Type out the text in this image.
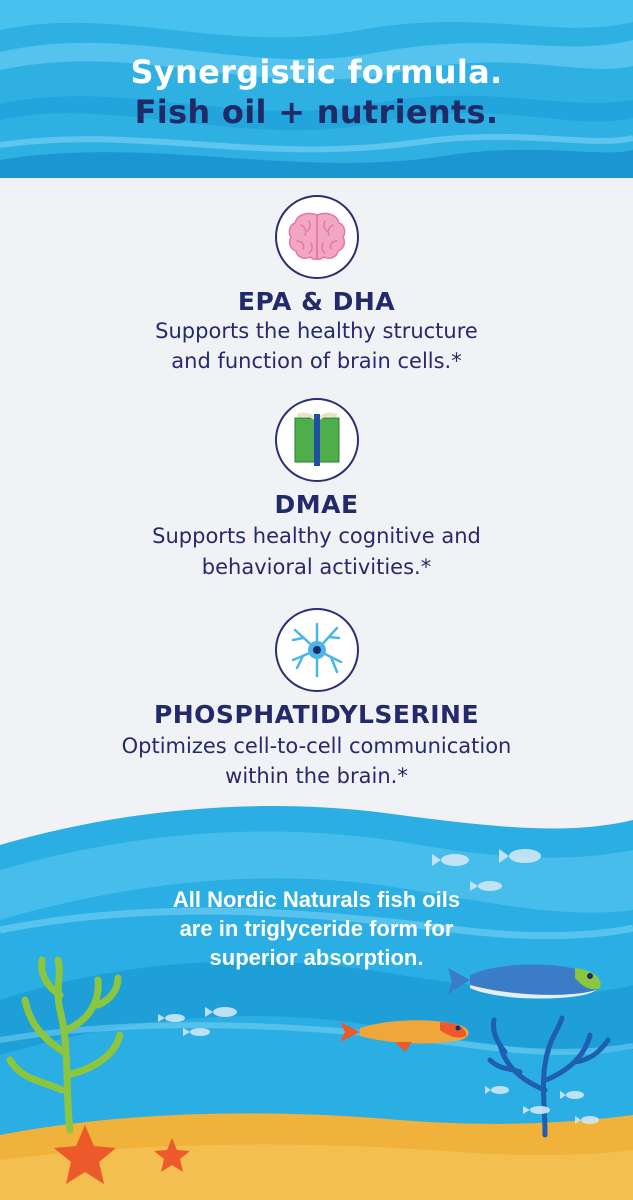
Synergistic formula.
Fish oil + nutrients.
EPA & DHA
Supports the healthy structure
and function of brain cells.*
DMAE
Supports healthy cognitive and
behavioral activities.*
PHOSPHATIDYLSERINE
Optimizes cell-to-cell communication
within the brain.*
All Nordic Naturals fish oils
are in triglyceride form for
superior absorption.
